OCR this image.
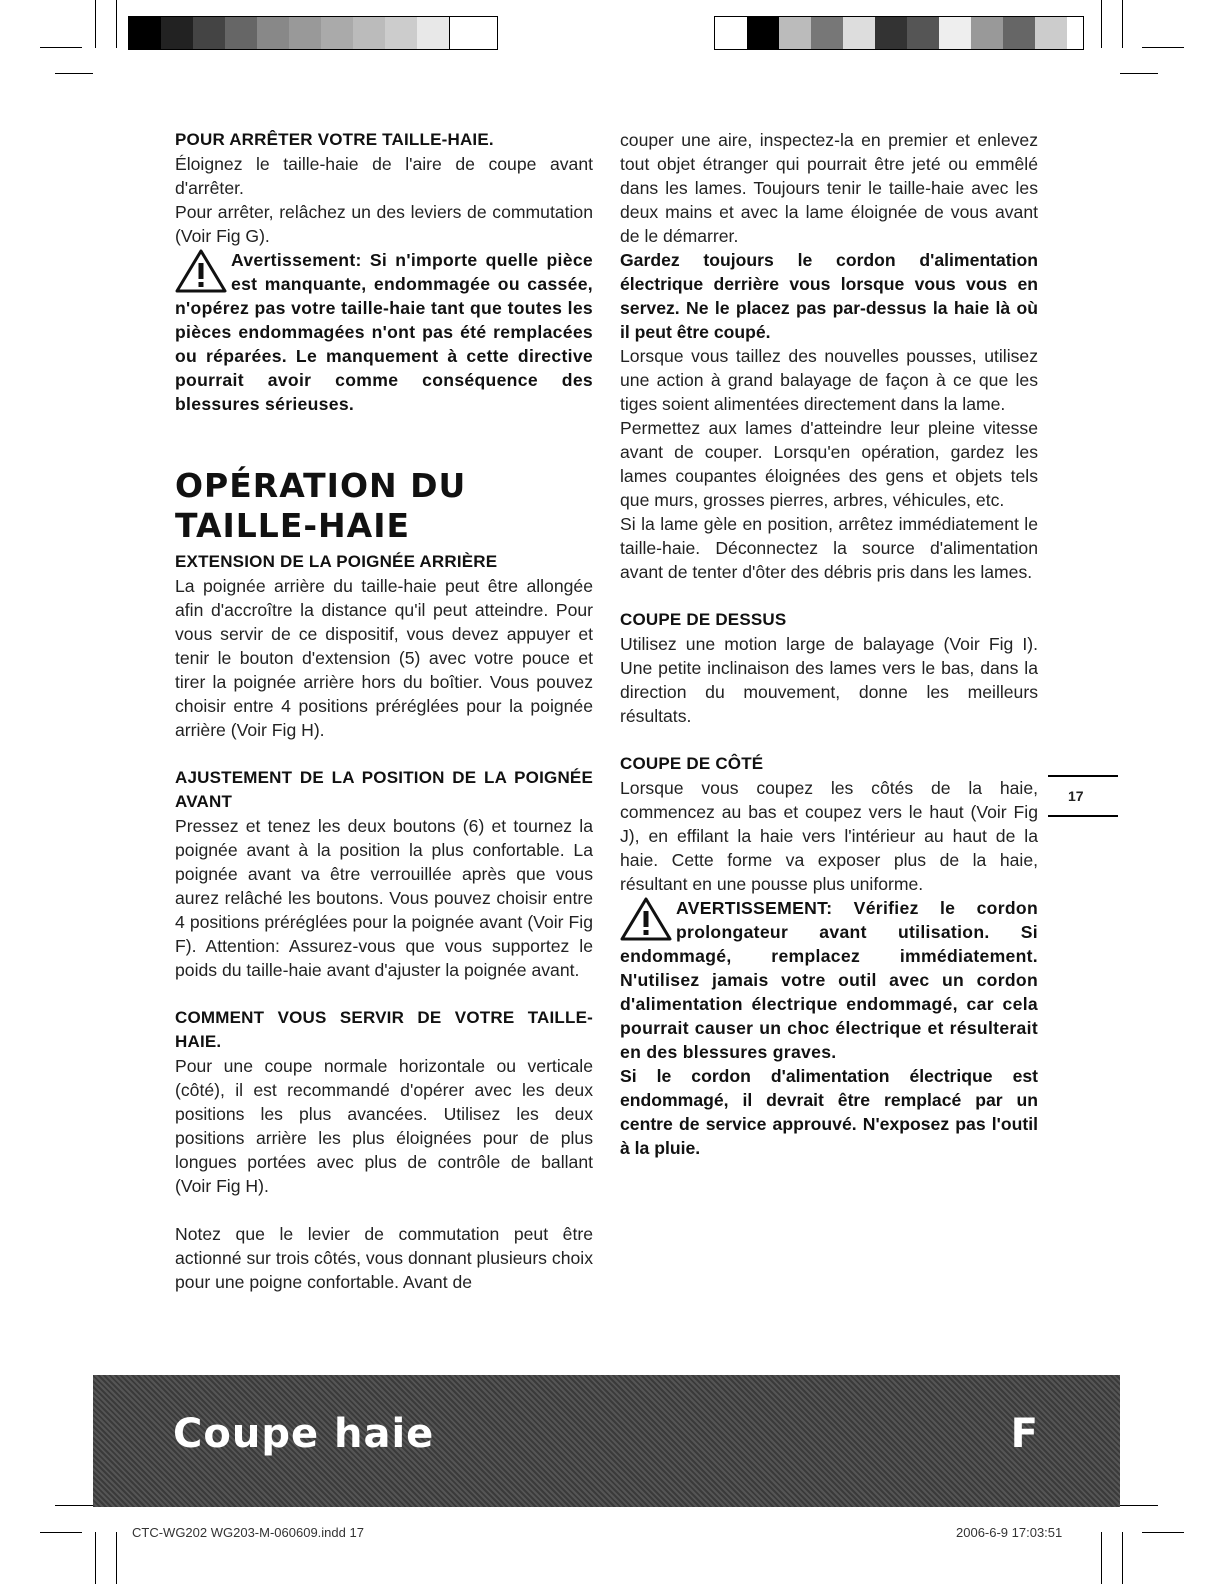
POUR ARRÊTER VOTRE TAILLE-HAIE.

Éloignez le taille-haie de l'aire de coupe avant d'arrêter.

Pour arrêter, relâchez un des leviers de commutation (Voir Fig G).

Avertissement: Si n'importe quelle pièce est manquante, endommagée ou cassée, n'opérez pas votre taille-haie tant que toutes les pièces endommagées n'ont pas été remplacées ou réparées. Le manquement à cette directive pourrait avoir comme conséquence des blessures sérieuses.

OPÉRATION DU TAILLE-HAIE
EXTENSION DE LA POIGNÉE ARRIÈRE

La poignée arrière du taille-haie peut être allongée afin d'accroître la distance qu'il peut atteindre. Pour vous servir de ce dispositif, vous devez appuyer et tenir le bouton d'extension (5) avec votre pouce et tirer la poignée arrière hors du boîtier. Vous pouvez choisir entre 4 positions préréglées pour la poignée arrière (Voir Fig H).

AJUSTEMENT DE LA POSITION DE LA POIGNÉE AVANT

Pressez et tenez les deux boutons (6) et tournez la poignée avant à la position la plus confortable. La poignée avant va être verrouillée après que vous aurez relâché les boutons. Vous pouvez choisir entre 4 positions préréglées pour la poignée avant (Voir Fig F). Attention: Assurez-vous que vous supportez le poids du taille-haie avant d'ajuster la poignée avant.

COMMENT VOUS SERVIR DE VOTRE TAILLE-HAIE.

Pour une coupe normale horizontale ou verticale (côté), il est recommandé d'opérer avec les deux positions les plus avancées. Utilisez les deux positions arrière les plus éloignées pour de plus longues portées avec plus de contrôle de ballant (Voir Fig H).

Notez que le levier de commutation peut être actionné sur trois côtés, vous donnant plusieurs choix pour une poigne confortable. Avant de

couper une aire, inspectez-la en premier et enlevez tout objet étranger qui pourrait être jeté ou emmêlé dans les lames. Toujours tenir le taille-haie avec les deux mains et avec la lame éloignée de vous avant de le démarrer.

Gardez toujours le cordon d'alimentation électrique derrière vous lorsque vous vous en servez. Ne le placez pas par-dessus la haie là où il peut être coupé.

Lorsque vous taillez des nouvelles pousses, utilisez une action à grand balayage de façon à ce que les tiges soient alimentées directement dans la lame.

Permettez aux lames d'atteindre leur pleine vitesse avant de couper. Lorsqu'en opération, gardez les lames coupantes éloignées des gens et objets tels que murs, grosses pierres, arbres, véhicules, etc.

Si la lame gèle en position, arrêtez immédiatement le taille-haie. Déconnectez la source d'alimentation avant de tenter d'ôter des débris pris dans les lames.

COUPE DE DESSUS

Utilisez une motion large de balayage (Voir Fig I). Une petite inclinaison des lames vers le bas, dans la direction du mouvement, donne les meilleurs résultats.

COUPE DE CÔTÉ

Lorsque vous coupez les côtés de la haie, commencez au bas et coupez vers le haut (Voir Fig J), en effilant la haie vers l'intérieur au haut de la haie. Cette forme va exposer plus de la haie, résultant en une pousse plus uniforme.

AVERTISSEMENT: Vérifiez le cordon prolongateur avant utilisation. Si endommagé, remplacez immédiatement. N'utilisez jamais votre outil avec un cordon d'alimentation électrique endommagé, car cela pourrait causer un choc électrique et résulterait en des blessures graves.

Si le cordon d'alimentation électrique est endommagé, il devrait être remplacé par un centre de service approuvé. N'exposez pas l'outil à la pluie.

17
Coupe haie	F
CTC-WG202 WG203-M-060609.indd 17	2006-6-9 17:03:51
